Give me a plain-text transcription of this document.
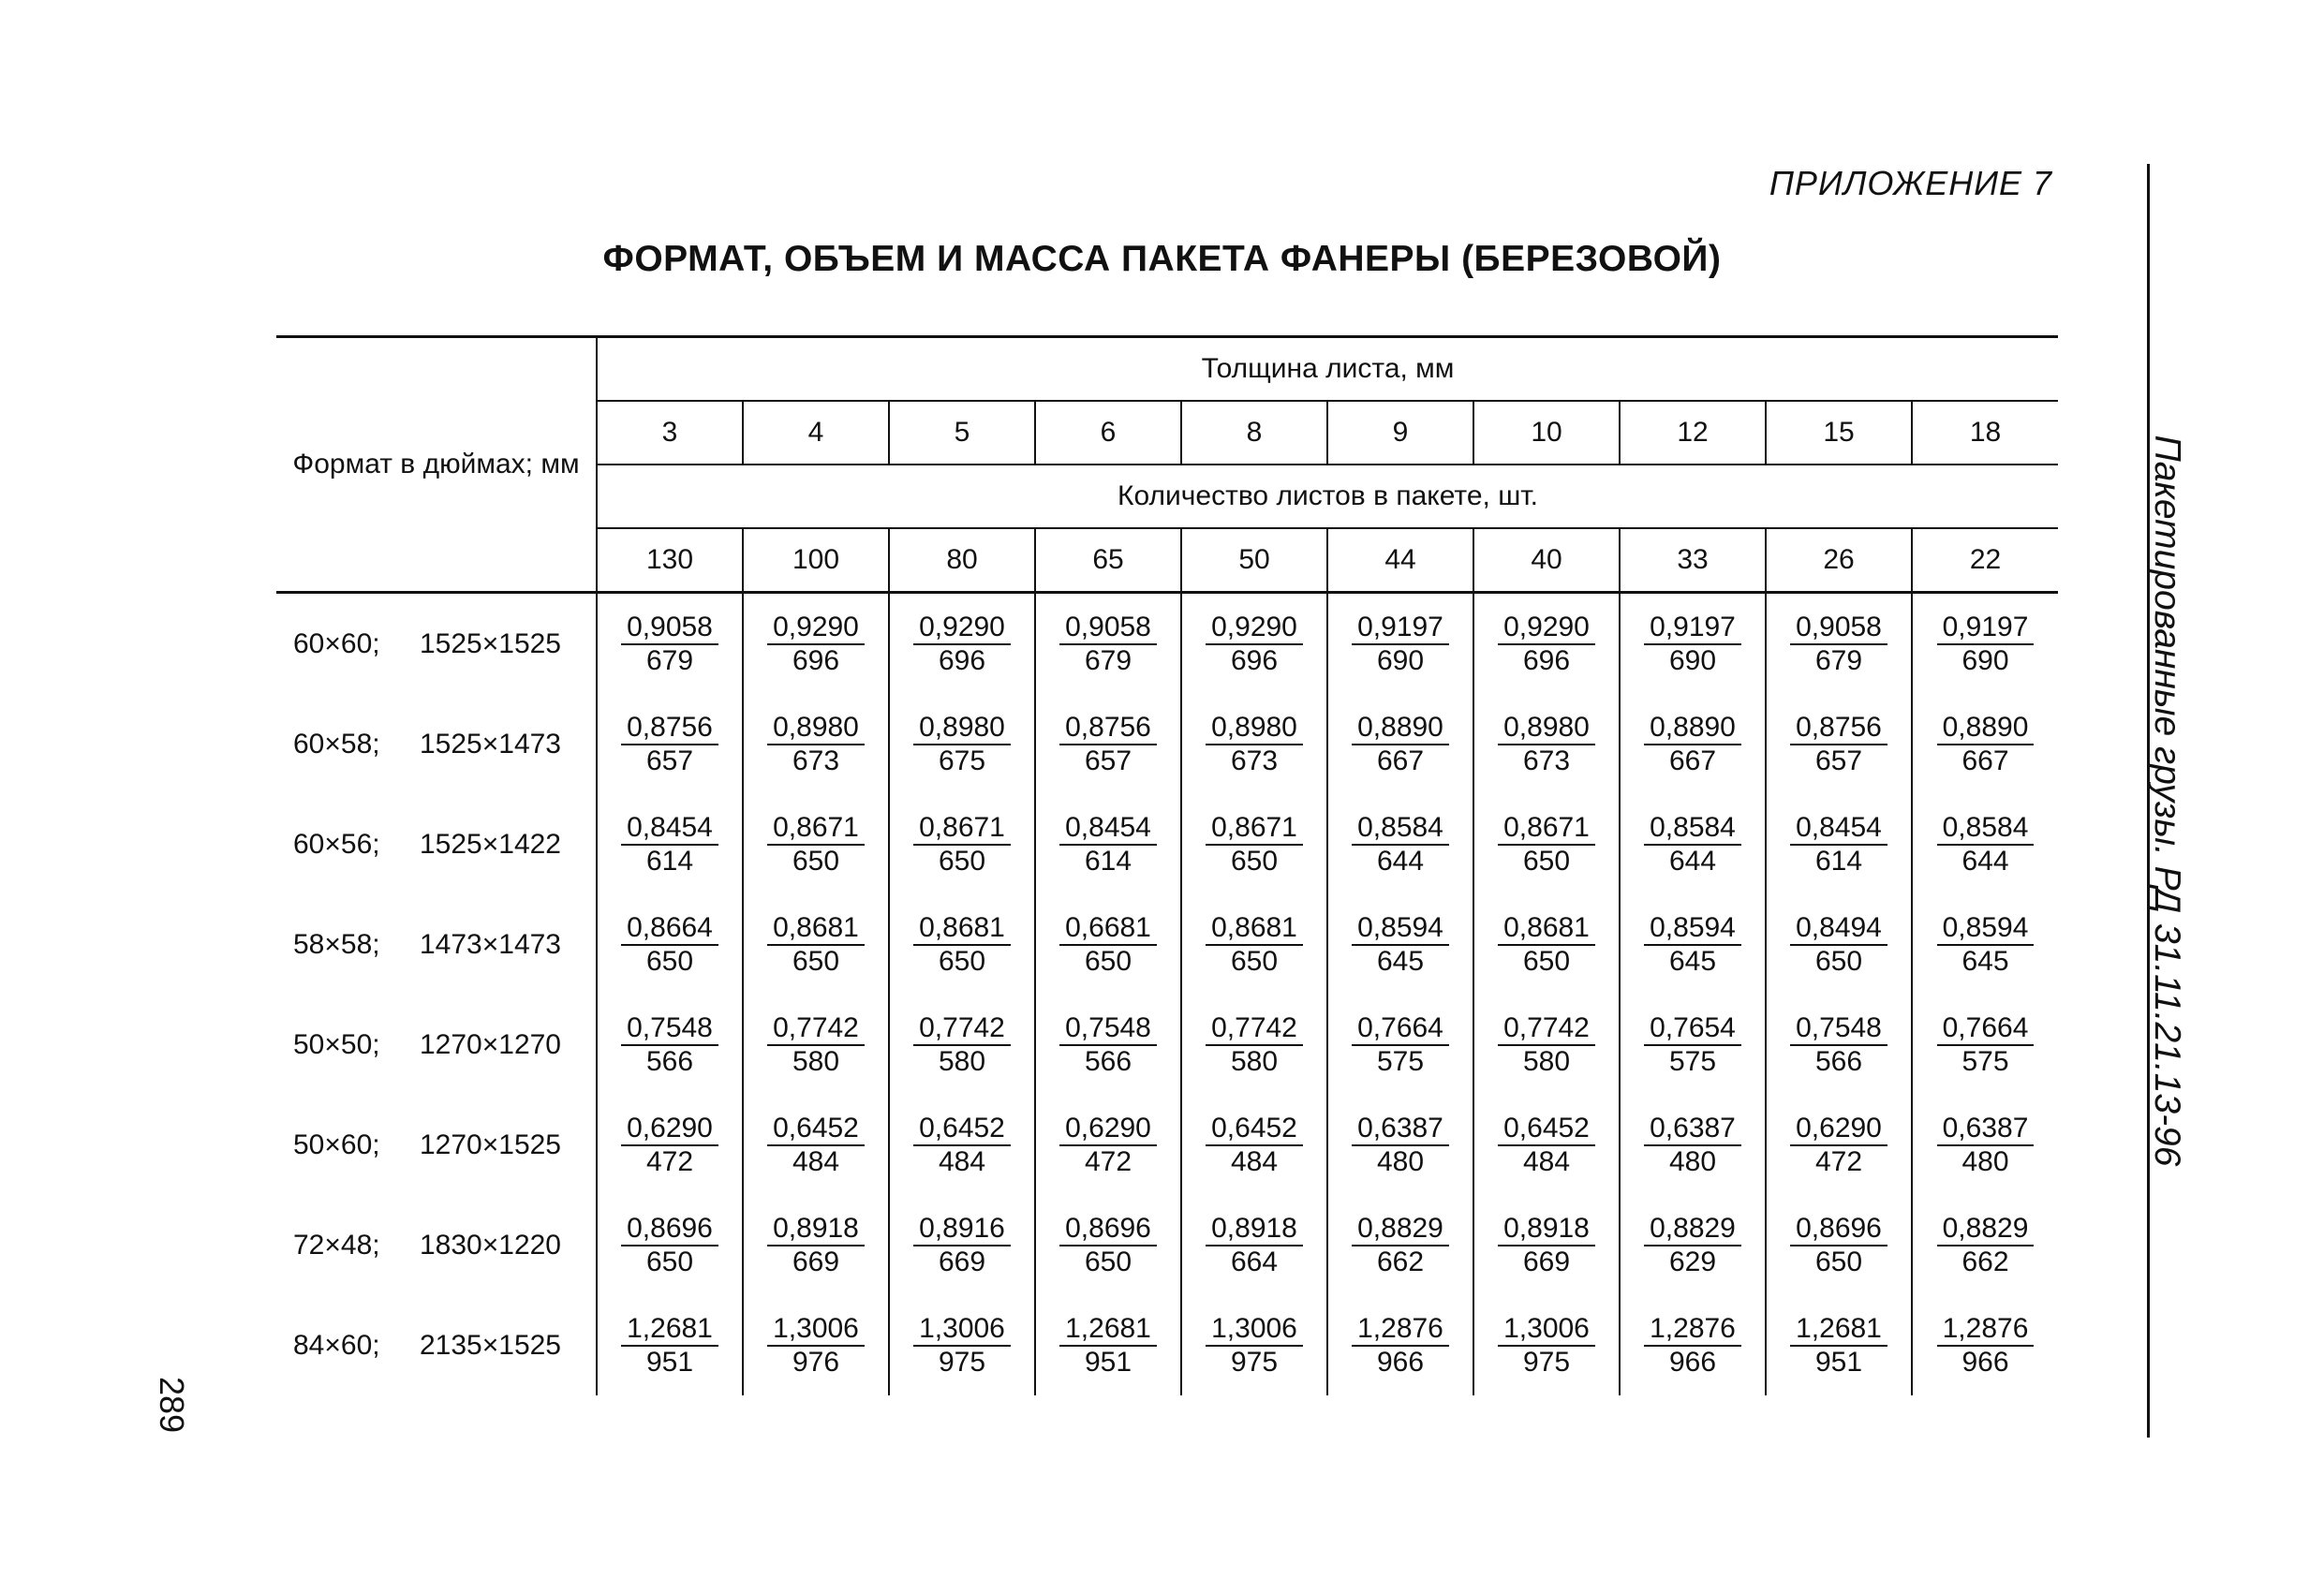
ПРИЛОЖЕНИЕ 7
ФОРМАТ, ОБЪЕМ И МАССА ПАКЕТА ФАНЕРЫ (БЕРЕЗОВОЙ)
Пакетированные грузы. РД 31.11.21.13-96
289
Формат в дюймах; мм	Толщина листа, мм									
	3	4	5	6	8	9	10	12	15	18
	Количество листов в пакете, шт.									
	130	100	80	65	50	44	40	33	26	22
60×60; 1525×1525	$\frac{0,9058}{679}$	$\frac{0,9290}{696}$	$\frac{0,9290}{696}$	$\frac{0,9058}{679}$	$\frac{0,9290}{696}$	$\frac{0,9197}{690}$	$\frac{0,9290}{696}$	$\frac{0,9197}{690}$	$\frac{0,9058}{679}$	$\frac{0,9197}{690}$

60×58; 1525×1473	$\frac{0,8756}{657}$	$\frac{0,8980}{673}$	$\frac{0,8980}{675}$	$\frac{0,8756}{657}$	$\frac{0,8980}{673}$	$\frac{0,8890}{667}$	$\frac{0,8980}{673}$	$\frac{0,8890}{667}$	$\frac{0,8756}{657}$	$\frac{0,8890}{667}$

60×56; 1525×1422	$\frac{0,8454}{614}$	$\frac{0,8671}{650}$	$\frac{0,8671}{650}$	$\frac{0,8454}{614}$	$\frac{0,8671}{650}$	$\frac{0,8584}{644}$	$\frac{0,8671}{650}$	$\frac{0,8584}{644}$	$\frac{0,8454}{614}$	$\frac{0,8584}{644}$

58×58; 1473×1473	$\frac{0,8664}{650}$	$\frac{0,8681}{650}$	$\frac{0,8681}{650}$	$\frac{0,6681}{650}$	$\frac{0,8681}{650}$	$\frac{0,8594}{645}$	$\frac{0,8681}{650}$	$\frac{0,8594}{645}$	$\frac{0,8494}{650}$	$\frac{0,8594}{645}$

50×50; 1270×1270	$\frac{0,7548}{566}$	$\frac{0,7742}{580}$	$\frac{0,7742}{580}$	$\frac{0,7548}{566}$	$\frac{0,7742}{580}$	$\frac{0,7664}{575}$	$\frac{0,7742}{580}$	$\frac{0,7654}{575}$	$\frac{0,7548}{566}$	$\frac{0,7664}{575}$

50×60; 1270×1525	$\frac{0,6290}{472}$	$\frac{0,6452}{484}$	$\frac{0,6452}{484}$	$\frac{0,6290}{472}$	$\frac{0,6452}{484}$	$\frac{0,6387}{480}$	$\frac{0,6452}{484}$	$\frac{0,6387}{480}$	$\frac{0,6290}{472}$	$\frac{0,6387}{480}$

72×48; 1830×1220	$\frac{0,8696}{650}$	$\frac{0,8918}{669}$	$\frac{0,8916}{669}$	$\frac{0,8696}{650}$	$\frac{0,8918}{664}$	$\frac{0,8829}{662}$	$\frac{0,8918}{669}$	$\frac{0,8829}{629}$	$\frac{0,8696}{650}$	$\frac{0,8829}{662}$

84×60; 2135×1525	$\frac{1,2681}{951}$	$\frac{1,3006}{976}$	$\frac{1,3006}{975}$	$\frac{1,2681}{951}$	$\frac{1,3006}{975}$	$\frac{1,2876}{966}$	$\frac{1,3006}{975}$	$\frac{1,2876}{966}$	$\frac{1,2681}{951}$	$\frac{1,2876}{966}$
